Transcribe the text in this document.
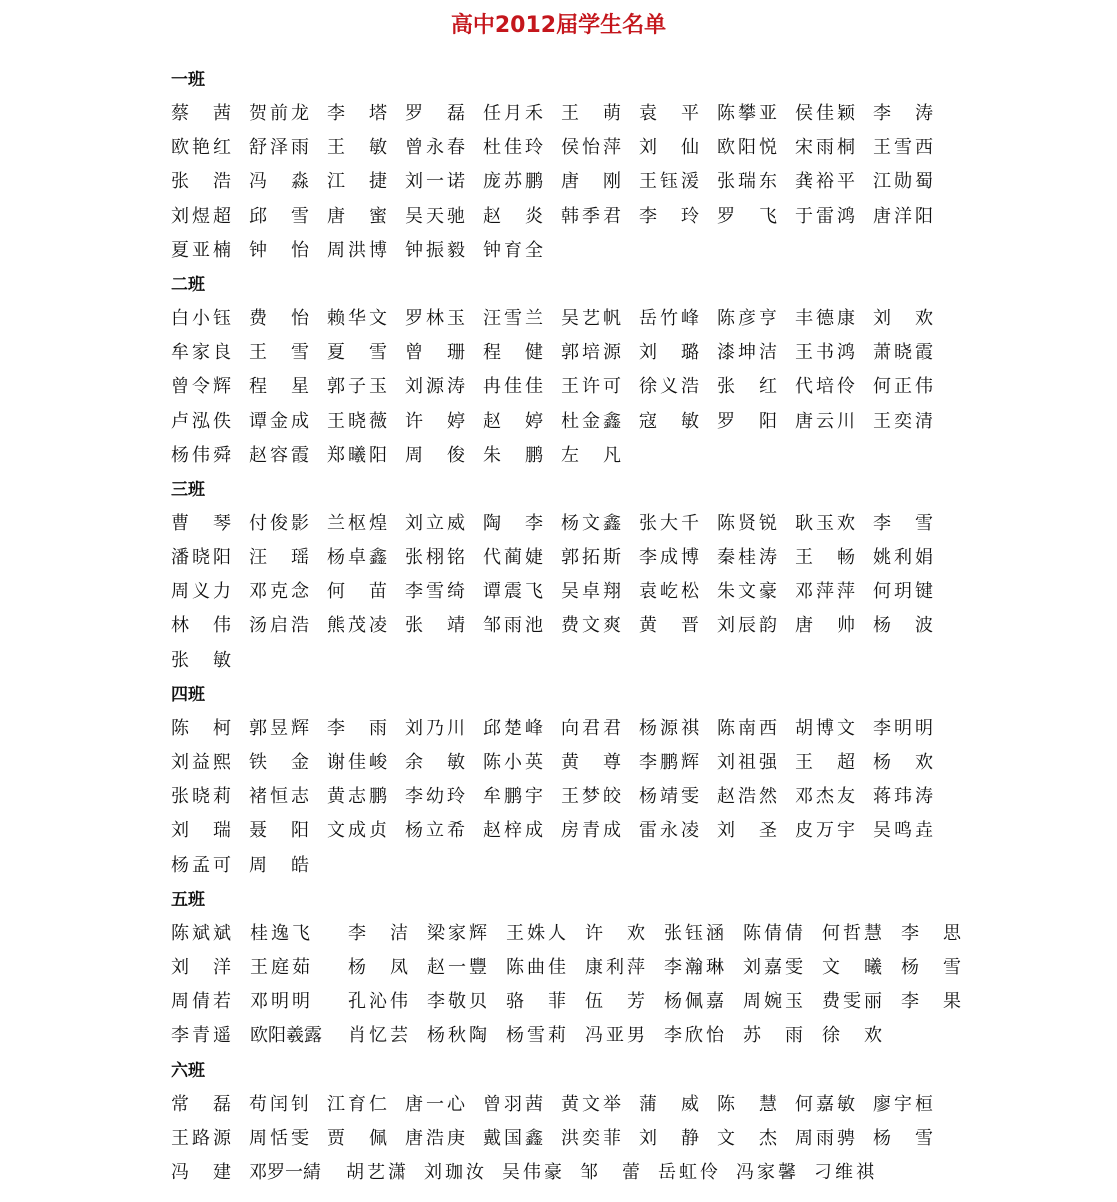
高中2012届学生名单
一班
蔡茜 贺前龙 李塔 罗磊 任月禾 王萌 袁平 陈攀亚 侯佳颖 李涛
欧艳红 舒泽雨 王敏 曾永春 杜佳玲 侯怡萍 刘仙 欧阳悦 宋雨桐 王雪西
张浩 冯淼 江捷 刘一诺 庞苏鹏 唐刚 王钰湲 张瑞东 龚裕平 江勋蜀
刘煜超 邱雪 唐蜜 吴天驰 赵炎 韩季君 李玲 罗飞 于雷鸿 唐洋阳
夏亚楠 钟怡 周洪博 钟振毅 钟育全
二班
白小钰 费怡 赖华文 罗林玉 汪雪兰 吴艺帆 岳竹峰 陈彦亨 丰德康 刘欢
牟家良 王雪 夏雪 曾珊 程健 郭培源 刘璐 漆坤洁 王书鸿 萧晓霞
曾令辉 程星 郭子玉 刘源涛 冉佳佳 王许可 徐义浩 张红 代培伶 何正伟
卢泓佚 谭金成 王晓薇 许婷 赵婷 杜金鑫 寇敏 罗阳 唐云川 王奕清
杨伟舜 赵容霞 郑曦阳 周俊 朱鹏 左凡
三班
曹琴 付俊影 兰枢煌 刘立威 陶李 杨文鑫 张大千 陈贤锐 耿玉欢 李雪
潘晓阳 汪瑶 杨卓鑫 张栩铭 代蔺婕 郭拓斯 李成博 秦桂涛 王畅 姚利娟
周义力 邓克念 何苗 李雪绮 谭震飞 吴卓翔 袁屹松 朱文豪 邓萍萍 何玥键
林伟 汤启浩 熊茂凌 张靖 邹雨池 费文爽 黄晋 刘辰韵 唐帅 杨波
张敏
四班
陈柯 郭昱辉 李雨 刘乃川 邱楚峰 向君君 杨源祺 陈南西 胡博文 李明明
刘益熙 铁金 谢佳峻 余敏 陈小英 黄尊 李鹏辉 刘祖强 王超 杨欢
张晓莉 褚恒志 黄志鹏 李幼玲 牟鹏宇 王梦皎 杨靖雯 赵浩然 邓杰友 蒋玮涛
刘瑞 聂阳 文成贞 杨立希 赵梓成 房青成 雷永凌 刘圣 皮万宇 吴鸣垚
杨孟可 周皓
五班
陈斌斌 桂逸飞 李洁 梁家辉 王姝人 许欢 张钰涵 陈倩倩 何哲慧 李思
刘洋 王庭茹 杨凤 赵一豐 陈曲佳 康利萍 李瀚琳 刘嘉雯 文曦 杨雪
周倩若 邓明明 孔沁伟 李敬贝 骆菲 伍芳 杨佩嘉 周婉玉 费雯丽 李果
李青遥 欧阳羲露 肖忆芸 杨秋陶 杨雪莉 冯亚男 李欣怡 苏雨 徐欢
六班
常磊 苟闰钊 江育仁 唐一心 曾羽茜 黄文举 蒲威 陈慧 何嘉敏 廖宇桓
王路源 周恬雯 贾佩 唐浩庚 戴国鑫 洪奕菲 刘静 文杰 周雨骋 杨雪
冯建 邓罗一綪 胡艺潇 刘珈汝 吴伟豪 邹蕾 岳虹伶 冯家馨 刁维祺
